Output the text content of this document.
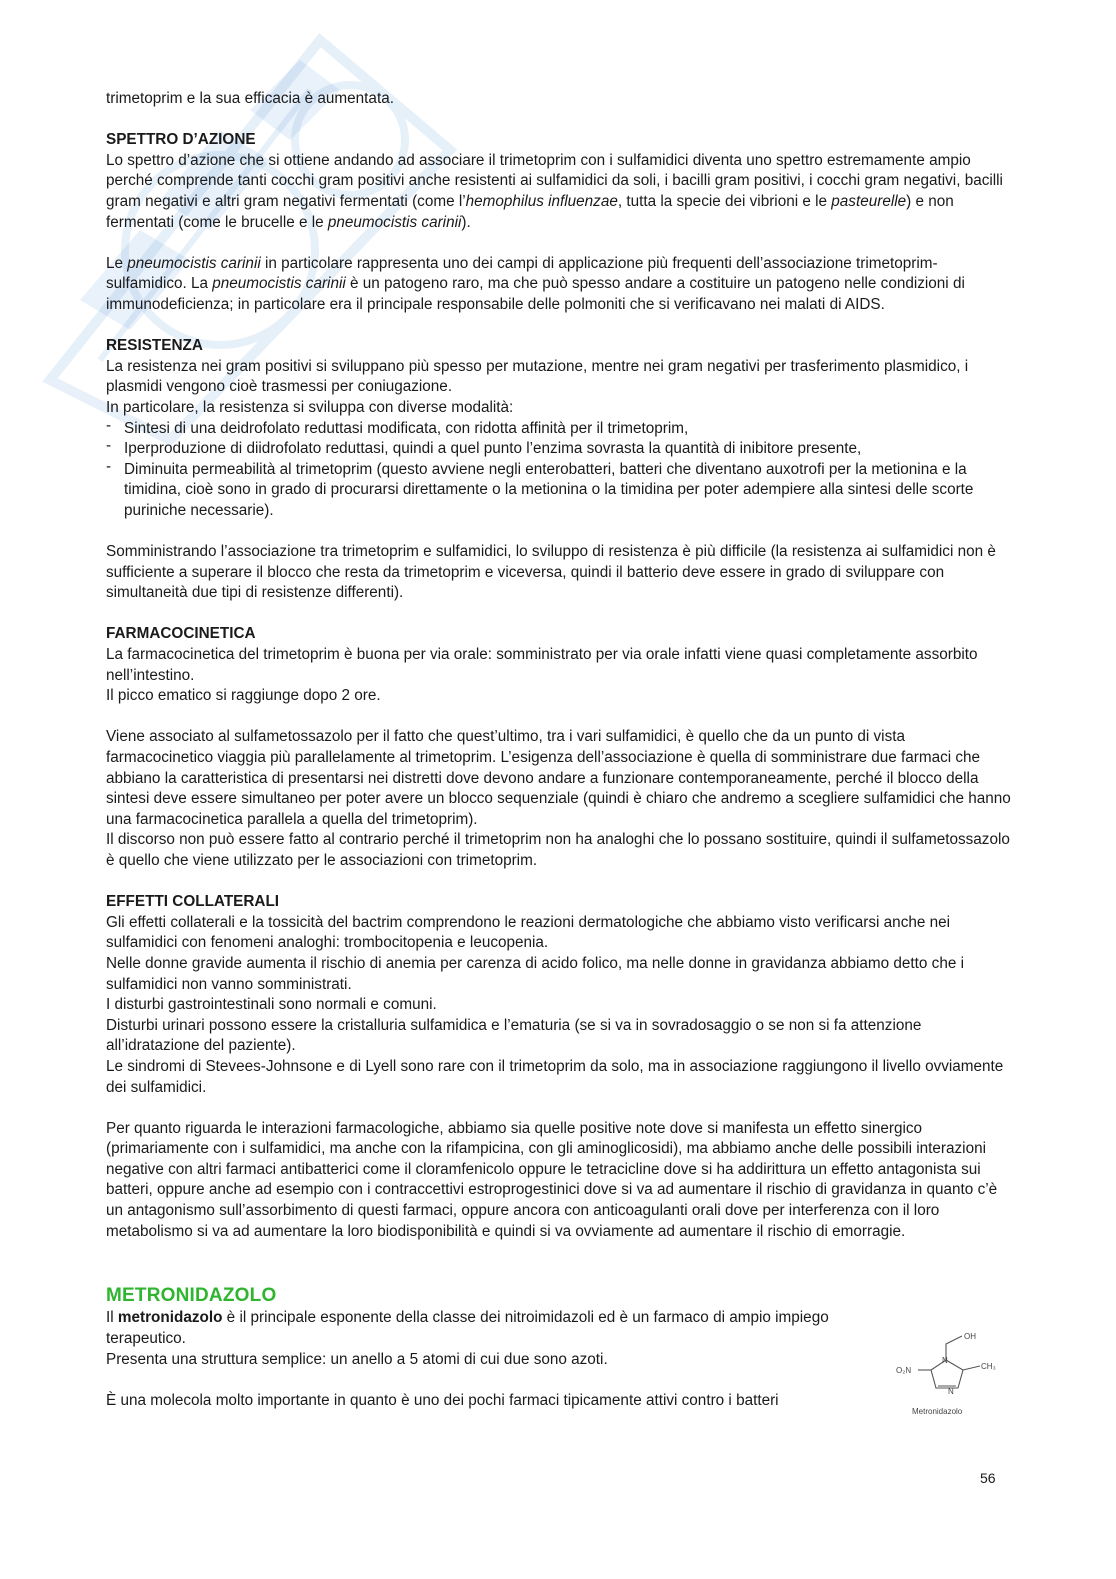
trimetoprim e la sua efficacia è aumentata.

SPETTRO D’AZIONE

Lo spettro d’azione che si ottiene andando ad associare il trimetoprim con i sulfamidici diventa uno spettro estremamente ampio perché comprende tanti cocchi gram positivi anche resistenti ai sulfamidici da soli, i bacilli gram positivi, i cocchi gram negativi, bacilli gram negativi e altri gram negativi fermentati (come l’hemophilus influenzae, tutta la specie dei vibrioni e le pasteurelle) e non fermentati (come le brucelle e le pneumocistis carinii).

Le pneumocistis carinii in particolare rappresenta uno dei campi di applicazione più frequenti dell’associazione trimetoprim-sulfamidico. La pneumocistis carinii è un patogeno raro, ma che può spesso andare a costituire un patogeno nelle condizioni di immunodeficienza; in particolare era il principale responsabile delle polmoniti che si verificavano nei malati di AIDS.

RESISTENZA

La resistenza nei gram positivi si sviluppano più spesso per mutazione, mentre nei gram negativi per trasferimento plasmidico, i plasmidi vengono cioè trasmessi per coniugazione.

In particolare, la resistenza si sviluppa con diverse modalità:

- Sintesi di una deidrofolato reduttasi modificata, con ridotta affinità per il trimetoprim,
- Iperproduzione di diidrofolato reduttasi, quindi a quel punto l’enzima sovrasta la quantità di inibitore presente,
- Diminuita permeabilità al trimetoprim (questo avviene negli enterobatteri, batteri che diventano auxotrofi per la metionina e la timidina, cioè sono in grado di procurarsi direttamente o la metionina o la timidina per poter adempiere alla sintesi delle scorte puriniche necessarie).

Somministrando l’associazione tra trimetoprim e sulfamidici, lo sviluppo di resistenza è più difficile (la resistenza ai sulfamidici non è sufficiente a superare il blocco che resta da trimetoprim e viceversa, quindi il batterio deve essere in grado di sviluppare con simultaneità due tipi di resistenze differenti).

FARMACOCINETICA

La farmacocinetica del trimetoprim è buona per via orale: somministrato per via orale infatti viene quasi completamente assorbito nell’intestino.

Il picco ematico si raggiunge dopo 2 ore.

Viene associato al sulfametossazolo per il fatto che quest’ultimo, tra i vari sulfamidici, è quello che da un punto di vista farmacocinetico viaggia più parallelamente al trimetoprim. L’esigenza dell’associazione è quella di somministrare due farmaci che abbiano la caratteristica di presentarsi nei distretti dove devono andare a funzionare contemporaneamente, perché il blocco della sintesi deve essere simultaneo per poter avere un blocco sequenziale (quindi è chiaro che andremo a scegliere sulfamidici che hanno una farmacocinetica parallela a quella del trimetoprim).

Il discorso non può essere fatto al contrario perché il trimetoprim non ha analoghi che lo possano sostituire, quindi il sulfametossazolo è quello che viene utilizzato per le associazioni con trimetoprim.

EFFETTI COLLATERALI

Gli effetti collaterali e la tossicità del bactrim comprendono le reazioni dermatologiche che abbiamo visto verificarsi anche nei sulfamidici con fenomeni analoghi: trombocitopenia e leucopenia.

Nelle donne gravide aumenta il rischio di anemia per carenza di acido folico, ma nelle donne in gravidanza abbiamo detto che i sulfamidici non vanno somministrati.

I disturbi gastrointestinali sono normali e comuni.

Disturbi urinari possono essere la cristalluria sulfamidica e l’ematuria (se si va in sovradosaggio o se non si fa attenzione all’idratazione del paziente).

Le sindromi di Stevees-Johnsone e di Lyell sono rare con il trimetoprim da solo, ma in associazione raggiungono il livello ovviamente dei sulfamidici.

Per quanto riguarda le interazioni farmacologiche, abbiamo sia quelle positive note dove si manifesta un effetto sinergico (primariamente con i sulfamidici, ma anche con la rifampicina, con gli aminoglicosidi), ma abbiamo anche delle possibili interazioni negative con altri farmaci antibatterici come il cloramfenicolo oppure le tetracicline dove si ha addirittura un effetto antagonista sui batteri, oppure anche ad esempio con i contraccettivi estroprogestinici dove si va ad aumentare il rischio di gravidanza in quanto c’è un antagonismo sull’assorbimento di questi farmaci, oppure ancora con anticoagulanti orali dove per interferenza con il loro metabolismo si va ad aumentare la loro biodisponibilità e quindi si va ovviamente ad aumentare il rischio di emorragie.

METRONIDAZOLO

Il metronidazolo è il principale esponente della classe dei nitroimidazoli ed è un farmaco di ampio impiego terapeutico.

Presenta una struttura semplice: un anello a 5 atomi di cui due sono azoti.

È una molecola molto importante in quanto è uno dei pochi farmaci tipicamente attivi contro i batteri

OH
O₂N
N
N
CH₃
Metronidazolo
56
